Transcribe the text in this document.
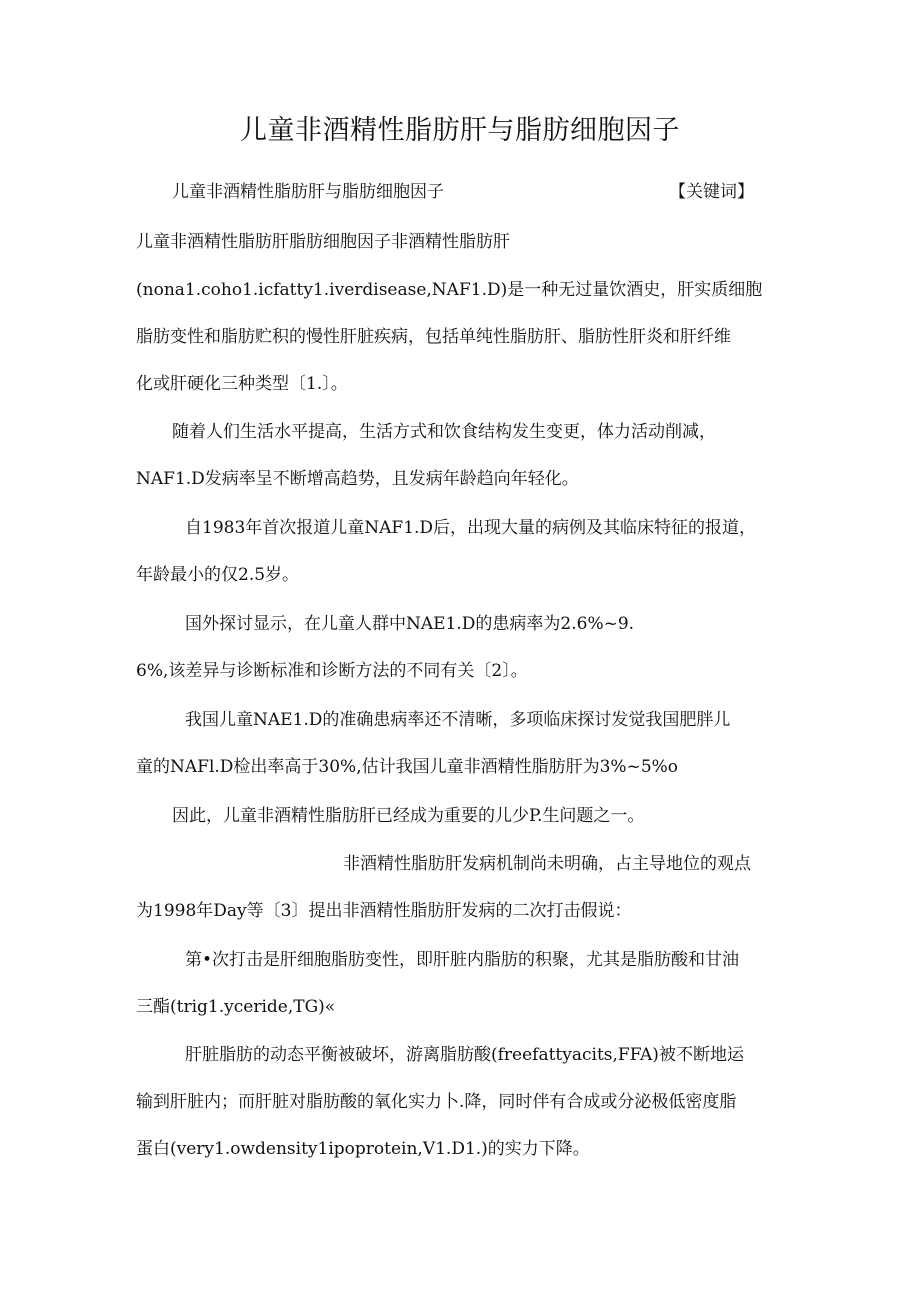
儿童非酒精性脂肪肝与脂肪细胞因子

儿童非酒精性脂肪肝与脂肪细胞因子	【关键词】

儿童非酒精性脂肪肝脂肪细胞因子非酒精性脂肪肝

(nona1.coho1.icfatty1.iverdisease,NAF1.D)是一种无过量饮酒史，肝实质细胞

脂肪变性和脂肪贮积的慢性肝脏疾病，包括单纯性脂肪肝、脂肪性肝炎和肝纤维

化或肝硬化三种类型〔1.〕。

随着人们生活水平提高，生活方式和饮食结构发生变更，体力活动削减，

NAF1.D发病率呈不断增高趋势，且发病年龄趋向年轻化。

自1983年首次报道儿童NAF1.D后，出现大量的病例及其临床特征的报道，

年龄最小的仅2.5岁。

国外探讨显示，在儿童人群中NAE1.D的患病率为2.6%~9.

6%,该差异与诊断标准和诊断方法的不同有关〔2〕。

我国儿童NAE1.D的准确患病率还不清晰，多项临床探讨发觉我国肥胖儿

童的NAFl.D检出率高于30%,估计我国儿童非酒精性脂肪肝为3%~5%o

因此，儿童非酒精性脂肪肝已经成为重要的儿少P.生问题之一。

非酒精性脂肪肝发病机制尚未明确，占主导地位的观点

为1998年Day等〔3〕提出非酒精性脂肪肝发病的二次打击假说：

第•次打击是肝细胞脂肪变性，即肝脏内脂肪的积聚，尤其是脂肪酸和甘油

三酯(trig1.yceride,TG)«

肝脏脂肪的动态平衡被破坏，游离脂肪酸(freefattyacits,FFA)被不断地运

输到肝脏内；而肝脏对脂肪酸的氧化实力卜.降，同时伴有合成或分泌极低密度脂

蛋白(very1.owdensity1ipoprotein,V1.D1.)的实力下降。
